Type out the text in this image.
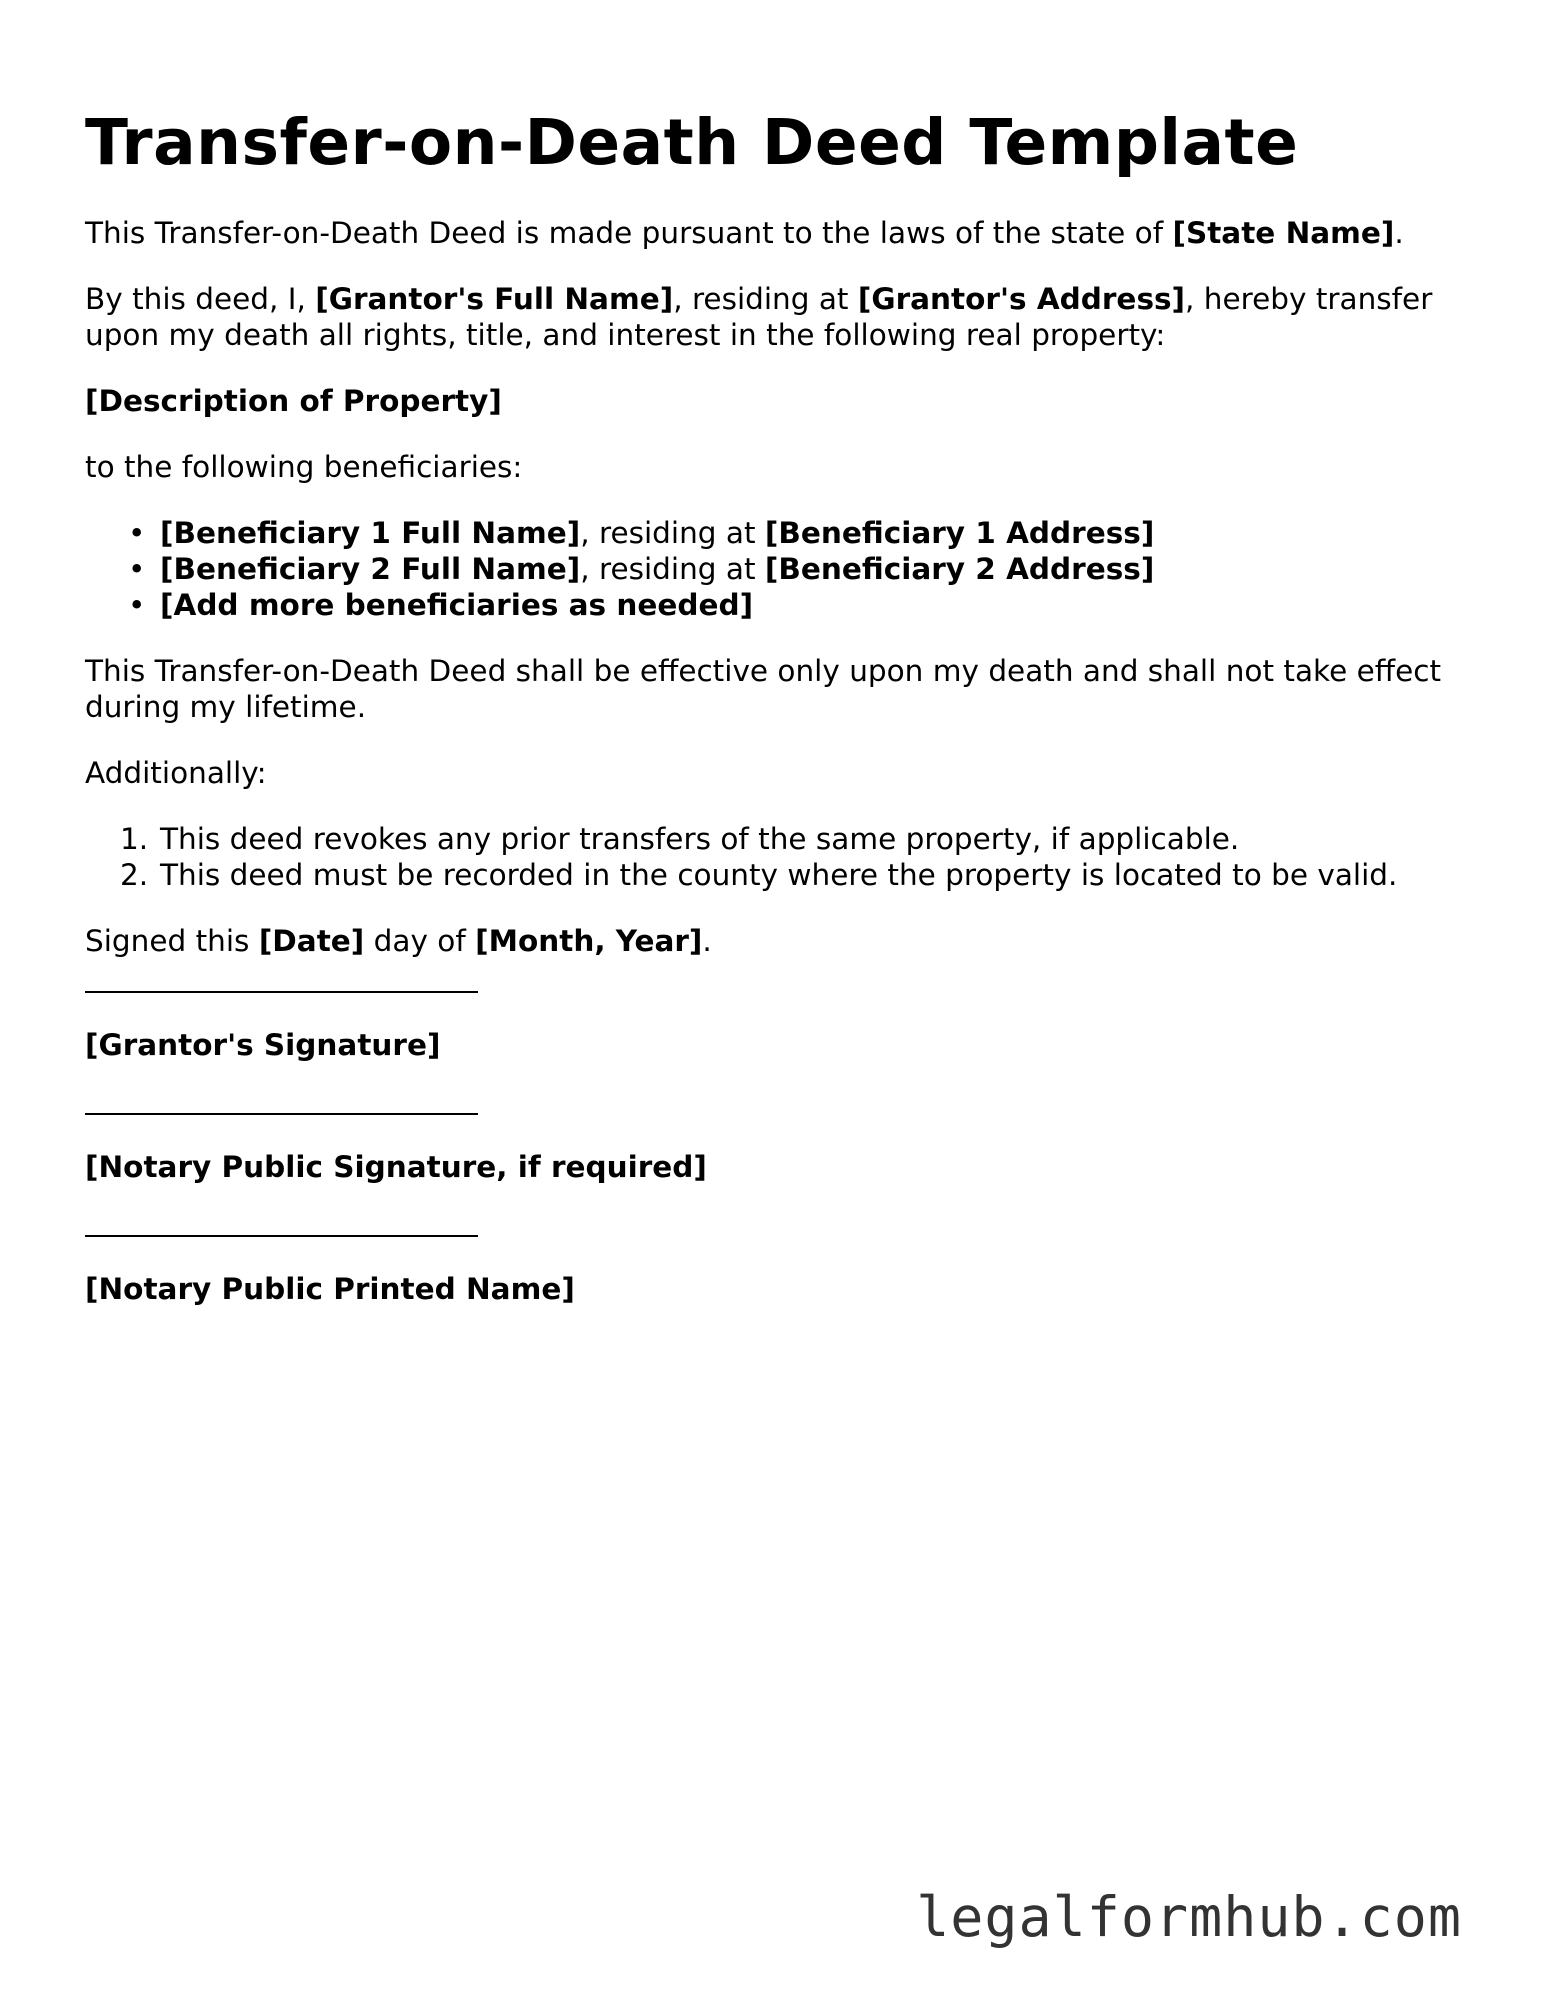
Transfer-on-Death Deed Template

This Transfer-on-Death Deed is made pursuant to the laws of the state of [State Name].

By this deed, I, [Grantor's Full Name], residing at [Grantor's Address], hereby transfer upon my death all rights, title, and interest in the following real property:

[Description of Property]

to the following beneficiaries:

• [Beneficiary 1 Full Name], residing at [Beneficiary 1 Address]
• [Beneficiary 2 Full Name], residing at [Beneficiary 2 Address]
• [Add more beneficiaries as needed]

This Transfer-on-Death Deed shall be effective only upon my death and shall not take effect during my lifetime.

Additionally:

1. This deed revokes any prior transfers of the same property, if applicable.
2. This deed must be recorded in the county where the property is located to be valid.

Signed this [Date] day of [Month, Year].

[Grantor's Signature]
[Notary Public Signature, if required]
[Notary Public Printed Name]
legalformhub.com
